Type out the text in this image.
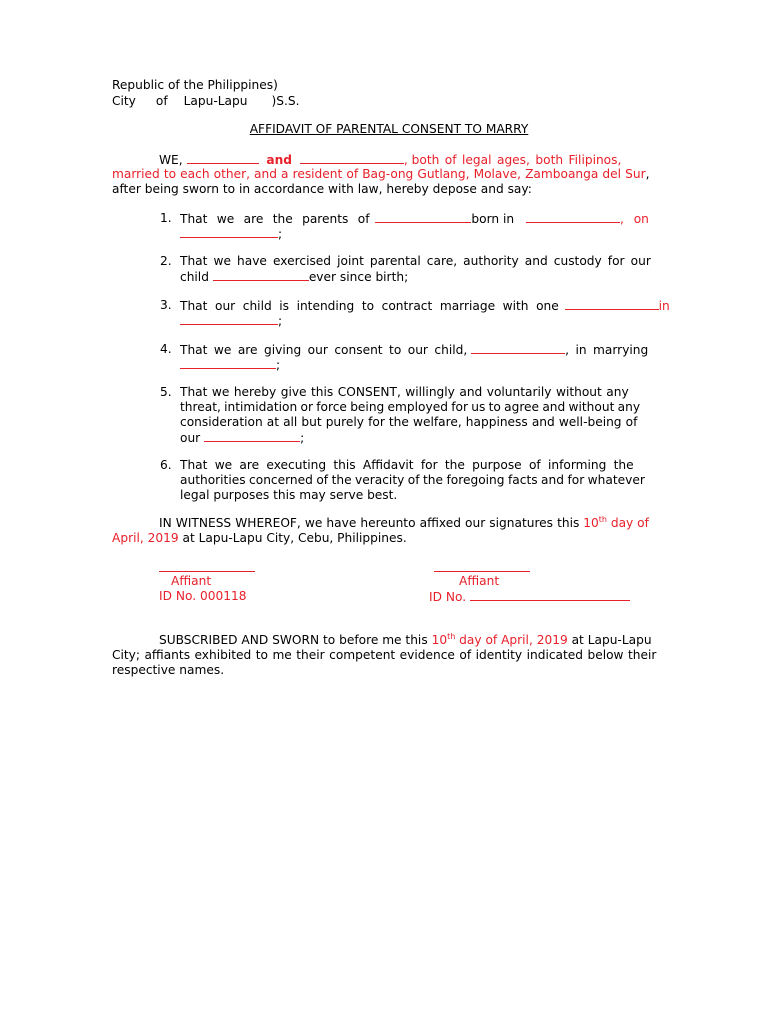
Republic of the Philippines)
City of Lapu-Lapu )S.S.
AFFIDAVIT OF PARENTAL CONSENT TO MARRY
WE,	and	, both of legal ages, both Filipinos,
married to each other, and a resident of Bag-ong Gutlang, Molave, Zamboanga del Sur,
after being sworn to in accordance with law, hereby depose and say:
1. That we are the parents of	born in	, on
;
2. That we have exercised joint parental care, authority and custody for our
child	ever since birth;
3. That our child is intending to contract marriage with one	in
;
4. That we are giving our consent to our child,	, in marrying
;
5. That we hereby give this CONSENT, willingly and voluntarily without any
threat, intimidation or force being employed for us to agree and without any
consideration at all but purely for the welfare, happiness and well-being of
our	;
6. That we are executing this Affidavit for the purpose of informing the
authorities concerned of the veracity of the foregoing facts and for whatever
legal purposes this may serve best.
IN WITNESS WHEREOF, we have hereunto affixed our signatures this 10th day of
April, 2019 at Lapu-Lapu City, Cebu, Philippines.
Affiant
ID No. 000118
Affiant
ID No.
SUBSCRIBED AND SWORN to before me this 10th day of April, 2019 at Lapu-Lapu
City; affiants exhibited to me their competent evidence of identity indicated below their
respective names.
